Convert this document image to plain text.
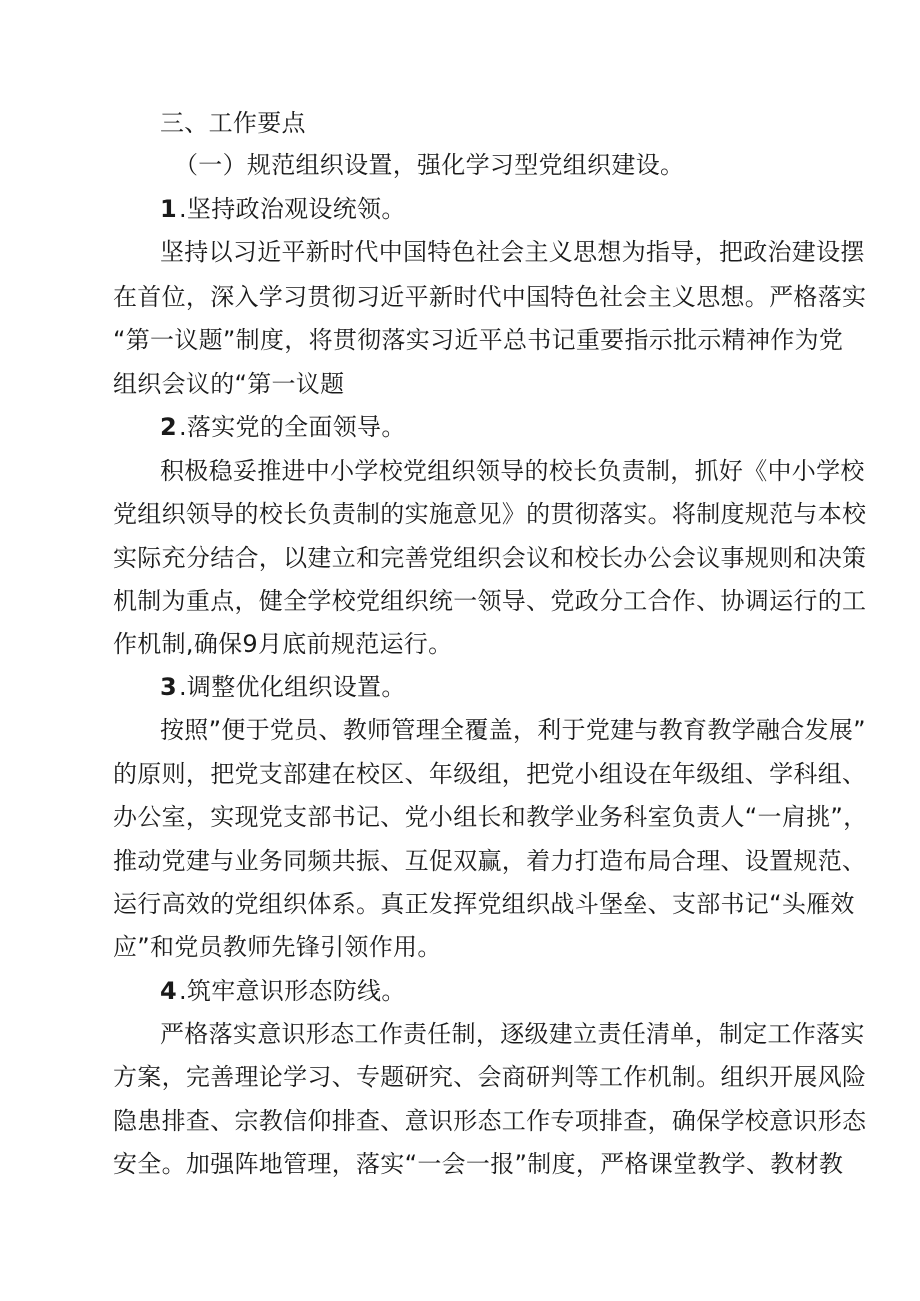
三、工作要点
（一）规范组织设置，强化学习型党组织建设。
1.坚持政治观设统领。
坚持以习近平新时代中国特色社会主义思想为指导，把政治建设摆
在首位，深入学习贯彻习近平新时代中国特色社会主义思想。严格落实
“第一议题”制度，将贯彻落实习近平总书记重要指示批示精神作为党
组织会议的“第一议题
2.落实党的全面领导。
积极稳妥推进中小学校党组织领导的校长负责制，抓好《中小学校
党组织领导的校长负责制的实施意见》的贯彻落实。将制度规范与本校
实际充分结合，以建立和完善党组织会议和校长办公会议事规则和决策
机制为重点，健全学校党组织统一领导、党政分工合作、协调运行的工
作机制,确保9月底前规范运行。
3.调整优化组织设置。
按照”便于党员、教师管理全覆盖，利于党建与教育教学融合发展”
的原则，把党支部建在校区、年级组，把党小组设在年级组、学科组、
办公室，实现党支部书记、党小组长和教学业务科室负责人“一肩挑”，
推动党建与业务同频共振、互促双赢，着力打造布局合理、设置规范、
运行高效的党组织体系。真正发挥党组织战斗堡垒、支部书记“头雁效
应”和党员教师先锋引领作用。
4.筑牢意识形态防线。
严格落实意识形态工作责任制，逐级建立责任清单，制定工作落实
方案，完善理论学习、专题研究、会商研判等工作机制。组织开展风险
隐患排查、宗教信仰排查、意识形态工作专项排查，确保学校意识形态
安全。加强阵地管理，落实“一会一报”制度，严格课堂教学、教材教
